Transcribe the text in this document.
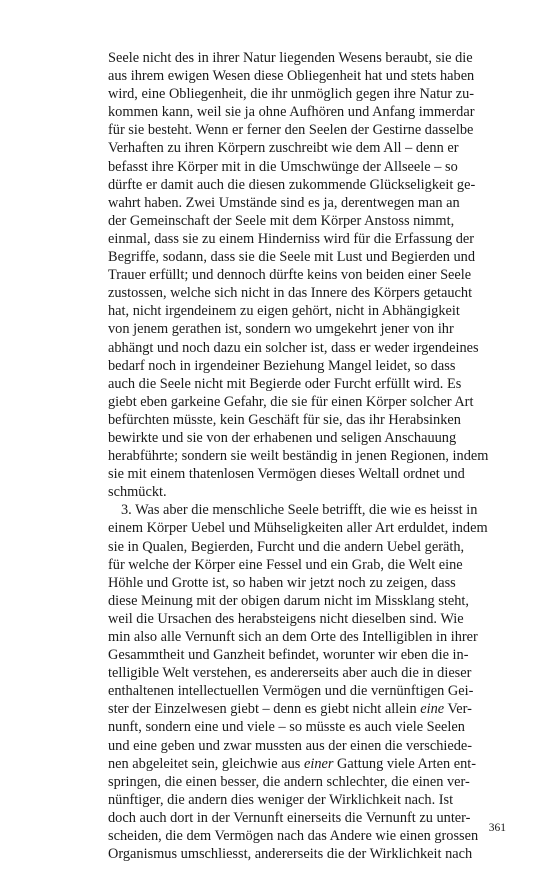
Seele nicht des in ihrer Natur liegenden Wesens beraubt, sie die
aus ihrem ewigen Wesen diese Obliegenheit hat und stets haben
wird, eine Obliegenheit, die ihr unmöglich gegen ihre Natur zu-
kommen kann, weil sie ja ohne Aufhören und Anfang immerdar
für sie besteht. Wenn er ferner den Seelen der Gestirne dasselbe
Verhaften zu ihren Körpern zuschreibt wie dem All – denn er
befasst ihre Körper mit in die Umschwünge der Allseele – so
dürfte er damit auch die diesen zukommende Glückseligkeit ge-
wahrt haben. Zwei Umstände sind es ja, derentwegen man an
der Gemeinschaft der Seele mit dem Körper Anstoss nimmt,
einmal, dass sie zu einem Hinderniss wird für die Erfassung der
Begriffe, sodann, dass sie die Seele mit Lust und Begierden und
Trauer erfüllt; und dennoch dürfte keins von beiden einer Seele
zustossen, welche sich nicht in das Innere des Körpers getaucht
hat, nicht irgendeinem zu eigen gehört, nicht in Abhängigkeit
von jenem gerathen ist, sondern wo umgekehrt jener von ihr
abhängt und noch dazu ein solcher ist, dass er weder irgendeines
bedarf noch in irgendeiner Beziehung Mangel leidet, so dass
auch die Seele nicht mit Begierde oder Furcht erfüllt wird. Es
giebt eben garkeine Gefahr, die sie für einen Körper solcher Art
befürchten müsste, kein Geschäft für sie, das ihr Herabsinken
bewirkte und sie von der erhabenen und seligen Anschauung
herabführte; sondern sie weilt beständig in jenen Regionen, indem
sie mit einem thatenlosen Vermögen dieses Weltall ordnet und
schmückt.
3. Was aber die menschliche Seele betrifft, die wie es heisst in
einem Körper Uebel und Mühseligkeiten aller Art erduldet, indem
sie in Qualen, Begierden, Furcht und die andern Uebel geräth,
für welche der Körper eine Fessel und ein Grab, die Welt eine
Höhle und Grotte ist, so haben wir jetzt noch zu zeigen, dass
diese Meinung mit der obigen darum nicht im Missklang steht,
weil die Ursachen des herabsteigens nicht dieselben sind. Wie
min also alle Vernunft sich an dem Orte des Intelligiblen in ihrer
Gesammtheit und Ganzheit befindet, worunter wir eben die in-
telligible Welt verstehen, es andererseits aber auch die in dieser
enthaltenen intellectuellen Vermögen und die vernünftigen Gei-
ster der Einzelwesen giebt – denn es giebt nicht allein eine Ver-
nunft, sondern eine und viele – so müsste es auch viele Seelen
und eine geben und zwar mussten aus der einen die verschiede-
nen abgeleitet sein, gleichwie aus einer Gattung viele Arten ent-
springen, die einen besser, die andern schlechter, die einen ver-
nünftiger, die andern dies weniger der Wirklichkeit nach. Ist
doch auch dort in der Vernunft einerseits die Vernunft zu unter-
scheiden, die dem Vermögen nach das Andere wie einen grossen
Organismus umschliesst, andererseits die der Wirklichkeit nach
361
